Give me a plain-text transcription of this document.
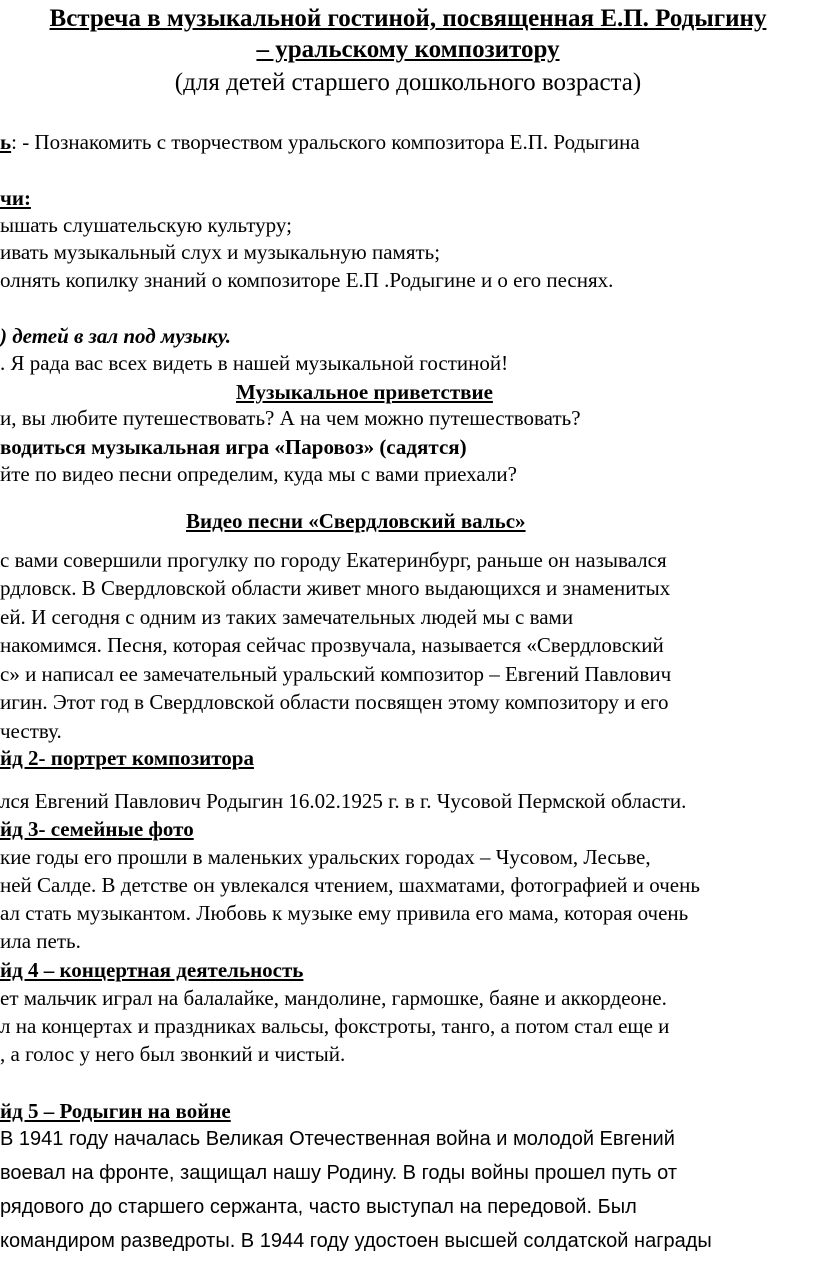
Встреча в музыкальной гостиной, посвященная Е.П. Родыгину
– уральскому композитору
(для детей старшего дошкольного возраста)
ь: - Познакомить с творчеством уральского композитора Е.П. Родыгина
чи:
ышать слушательскую культуру;
ивать музыкальный слух и музыкальную память;
олнять копилку знаний о композиторе Е.П .Родыгине и о его песнях.
) детей в зал под музыку.
. Я рада вас всех видеть в нашей музыкальной гостиной!
Музыкальное приветствие
и, вы любите путешествовать? А на чем можно путешествовать?
водиться музыкальная игра «Паровоз» (садятся)
йте по видео песни определим, куда мы с вами приехали?
Видео песни «Свердловский вальс»
с вами совершили прогулку по городу Екатеринбург, раньше он назывался
рдловск. В Свердловской области живет много выдающихся и знаменитых
ей. И сегодня с одним из таких замечательных людей мы с вами
накомимся. Песня, которая сейчас прозвучала, называется «Свердловский
с» и написал ее замечательный уральский композитор – Евгений Павлович
игин. Этот год в Свердловской области посвящен этому композитору и его
честву.
йд 2- портрет композитора
лся Евгений Павлович Родыгин 16.02.1925 г. в г. Чусовой Пермской области.
йд 3- семейные фото
кие годы его прошли в маленьких уральских городах – Чусовом, Лесьве,
ней Салде. В детстве он увлекался чтением, шахматами, фотографией и очень
ал стать музыкантом. Любовь к музыке ему привила его мама, которая очень
ила петь.
йд 4 – концертная деятельность
ет мальчик играл на балалайке, мандолине, гармошке, баяне и аккордеоне.
л на концертах и праздниках вальсы, фокстроты, танго, а потом стал еще и
, а голос у него был звонкий и чистый.
йд 5 – Родыгин на войне
В 1941 году началась Великая Отечественная война и молодой Евгений
воевал на фронте, защищал нашу Родину. В годы войны прошел путь от
рядового до старшего сержанта, часто выступал на передовой. Был
командиром разведроты. В 1944 году удостоен высшей солдатской награды
